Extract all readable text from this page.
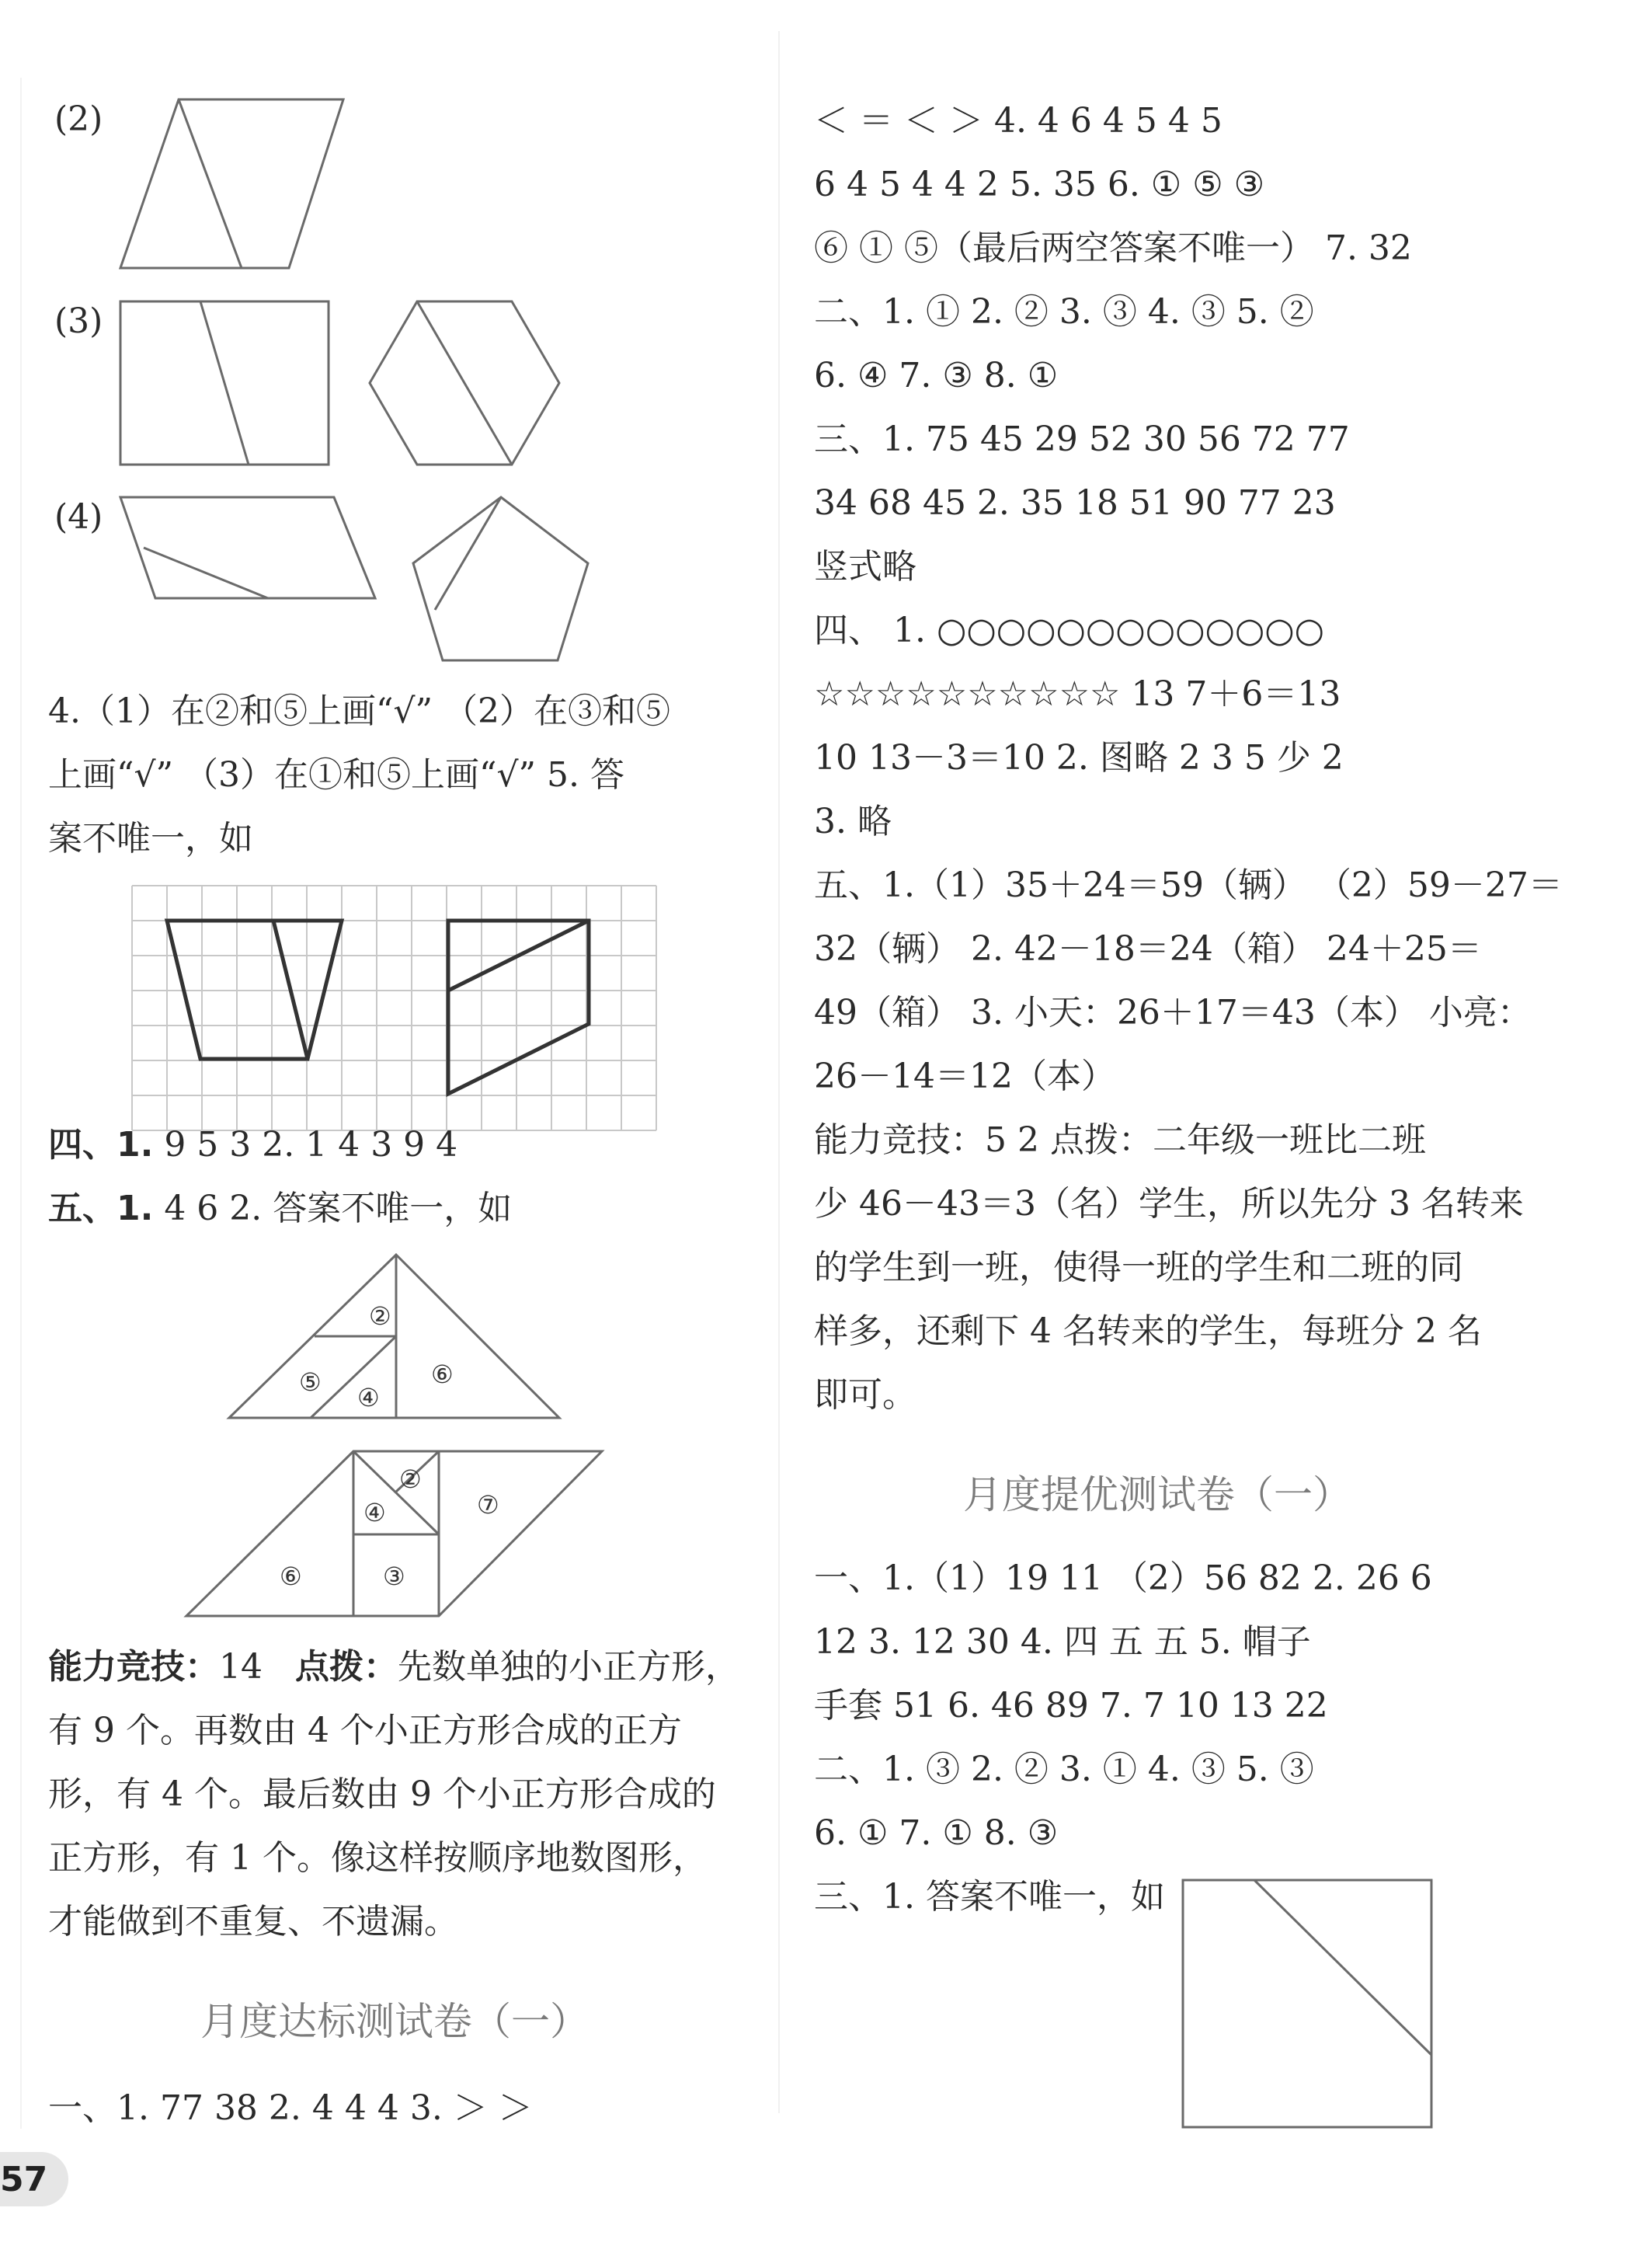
(2)
(3)
(4)
4.（1）在②和⑤上画“√” （2）在③和⑤
上画“√” （3）在①和⑤上画“√” 5. 答
案不唯一，如
四、1. 9 5 3 2. 1 4 3 9 4
五、1. 4 6 2. 答案不唯一，如
②
⑤
④
⑥
②
④	⑦
⑥	③
能力竞技：14 点拨：先数单独的小正方形，
有 9 个。再数由 4 个小正方形合成的正方
形，有 4 个。最后数由 9 个小正方形合成的
正方形，有 1 个。像这样按顺序地数图形，
才能做到不重复、不遗漏。
月度达标测试卷（一）
一、1. 77 38 2. 4 4 4 3. ＞ ＞
57
＜ ＝ ＜ ＞ 4. 4 6 4 5 4 5
6 4 5 4 4 2 5. 35 6. ① ⑤ ③
⑥ ① ⑤（最后两空答案不唯一） 7. 32
二、1. ① 2. ② 3. ③ 4. ③ 5. ②
6. ④ 7. ③ 8. ①
三、1. 75 45 29 52 30 56 72 77
34 68 45 2. 35 18 51 90 77 23
竖式略
四、 1. ○○○○○○○○○○○○○
☆☆☆☆☆☆☆☆☆☆ 13 7＋6＝13
10 13－3＝10 2. 图略 2 3 5 少 2
3. 略
五、1.（1）35＋24＝59（辆） （2）59－27＝
32（辆） 2. 42－18＝24（箱） 24＋25＝
49（箱） 3. 小天：26＋17＝43（本） 小亮：
26－14＝12（本）
能力竞技：5 2 点拨：二年级一班比二班
少 46－43＝3（名）学生，所以先分 3 名转来
的学生到一班，使得一班的学生和二班的同
样多，还剩下 4 名转来的学生，每班分 2 名
即可。
月度提优测试卷（一）
一、1.（1）19 11 （2）56 82 2. 26 6
12 3. 12 30 4. 四 五 五 5. 帽子
手套 51 6. 46 89 7. 7 10 13 22
二、1. ③ 2. ② 3. ① 4. ③ 5. ③
6. ① 7. ① 8. ③
三、1. 答案不唯一，如
